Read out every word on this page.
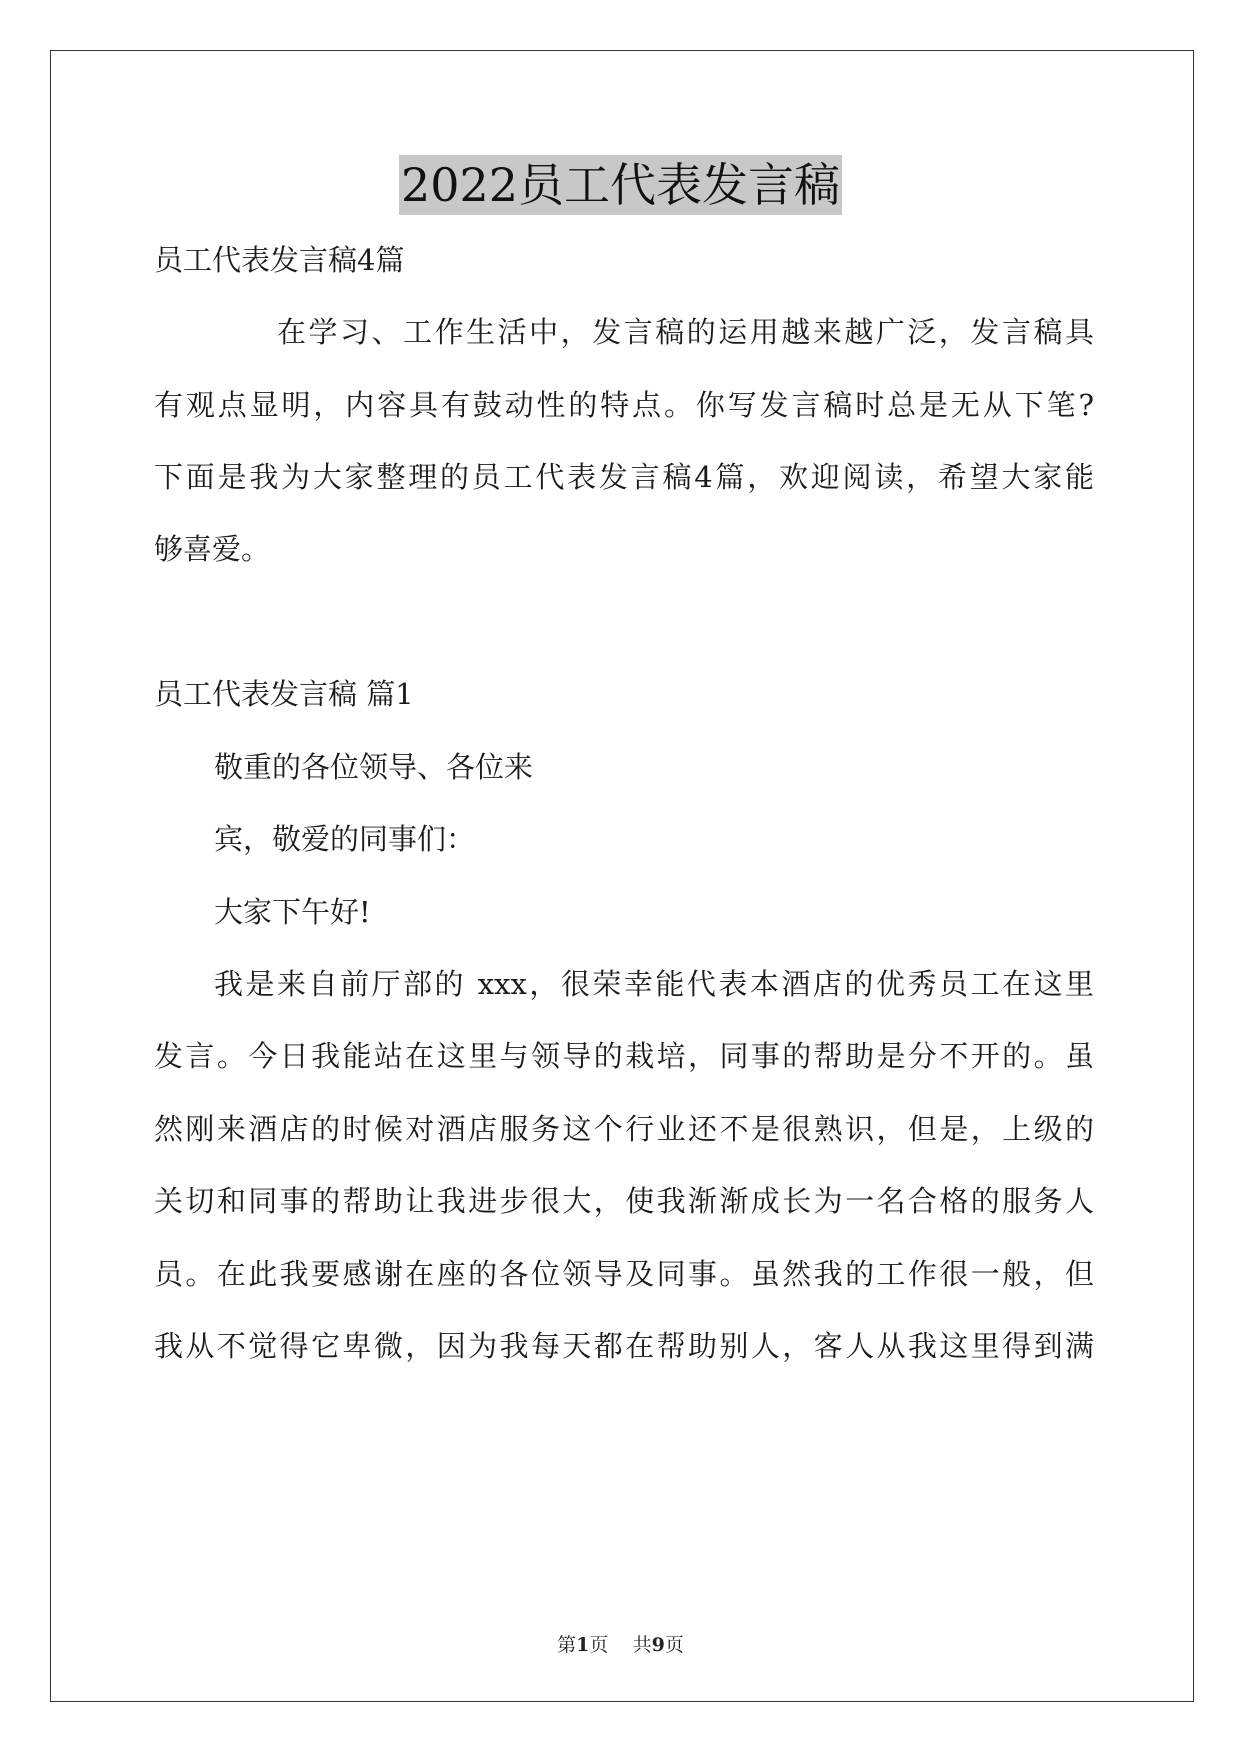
2022员工代表发言稿
员工代表发言稿4篇
在学习、工作生活中，发言稿的运用越来越广泛，发言稿具
有观点显明，内容具有鼓动性的特点。你写发言稿时总是无从下笔?
下面是我为大家整理的员工代表发言稿4篇，欢迎阅读，希望大家能
够喜爱。
员工代表发言稿 篇1
敬重的各位领导、各位来
宾，敬爱的同事们：
大家下午好!
我是来自前厅部的 xxx，很荣幸能代表本酒店的优秀员工在这里
发言。今日我能站在这里与领导的栽培，同事的帮助是分不开的。虽
然刚来酒店的时候对酒店服务这个行业还不是很熟识，但是，上级的
关切和同事的帮助让我进步很大，使我渐渐成长为一名合格的服务人
员。在此我要感谢在座的各位领导及同事。虽然我的工作很一般，但
我从不觉得它卑微，因为我每天都在帮助别人，客人从我这里得到满
第1页 共9页
